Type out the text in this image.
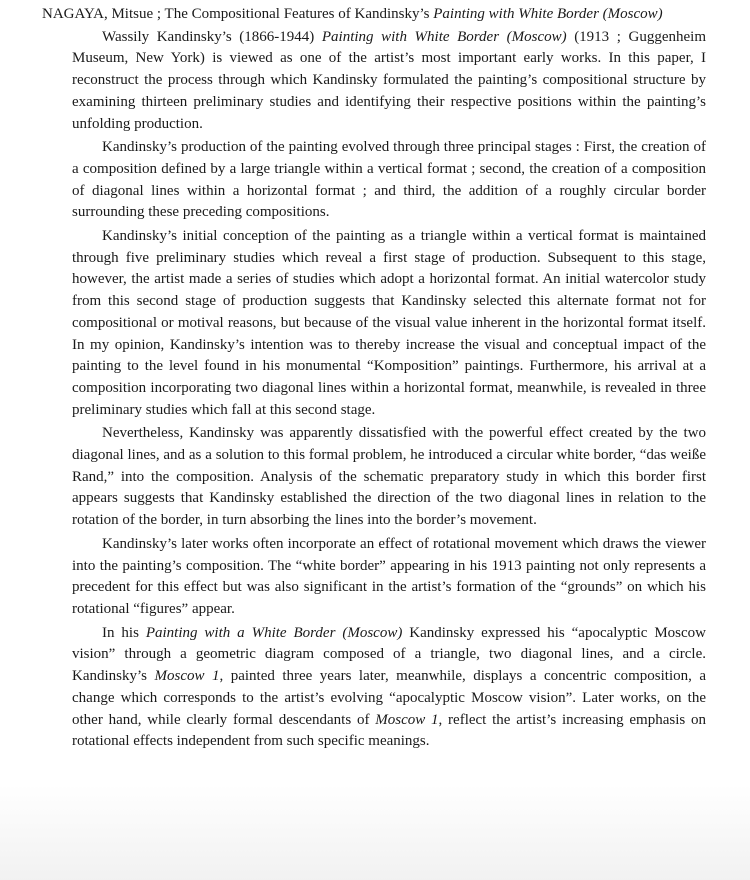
NAGAYA, Mitsue ; The Compositional Features of Kandinsky’s Painting with White Border (Moscow)

Wassily Kandinsky’s (1866‐1944) Painting with White Border (Moscow) (1913 ; Guggenheim Museum, New York) is viewed as one of the artist’s most important early works. In this paper, I reconstruct the process through which Kandinsky formulated the painting’s compositional structure by examining thirteen preliminary studies and identifying their respective positions within the painting’s unfolding production.

Kandinsky’s production of the painting evolved through three principal stages : First, the creation of a composition defined by a large triangle within a vertical format ; second, the creation of a composition of diagonal lines within a horizontal format ; and third, the addition of a roughly circular border surrounding these preceding compositions.

Kandinsky’s initial conception of the painting as a triangle within a vertical format is maintained through five preliminary studies which reveal a first stage of production. Subsequent to this stage, however, the artist made a series of studies which adopt a horizontal format. An initial watercolor study from this second stage of production suggests that Kandinsky selected this alternate format not for compositional or motival reasons, but because of the visual value inherent in the horizontal format itself. In my opinion, Kandinsky’s intention was to thereby increase the visual and conceptual impact of the painting to the level found in his monumental “Komposition” paintings. Furthermore, his arrival at a composition incorporating two diagonal lines within a horizontal format, meanwhile, is revealed in three preliminary studies which fall at this second stage.

Nevertheless, Kandinsky was apparently dissatisfied with the powerful effect created by the two diagonal lines, and as a solution to this formal problem, he introduced a circular white border, “das weiße Rand,” into the composition. Analysis of the schematic preparatory study in which this border first appears suggests that Kandinsky established the direction of the two diagonal lines in relation to the rotation of the border, in turn absorbing the lines into the border’s movement.

Kandinsky’s later works often incorporate an effect of rotational movement which draws the viewer into the painting’s composition. The “white border” appearing in his 1913 painting not only represents a precedent for this effect but was also significant in the artist’s formation of the “grounds” on which his rotational “figures” appear.

In his Painting with a White Border (Moscow) Kandinsky expressed his “apocalyptic Moscow vision” through a geometric diagram composed of a triangle, two diagonal lines, and a circle. Kandinsky’s Moscow 1, painted three years later, meanwhile, displays a concentric composition, a change which corresponds to the artist’s evolving “apocalyptic Moscow vision”. Later works, on the other hand, while clearly formal descendants of Moscow 1, reflect the artist’s increasing emphasis on rotational effects independent from such specific meanings.
